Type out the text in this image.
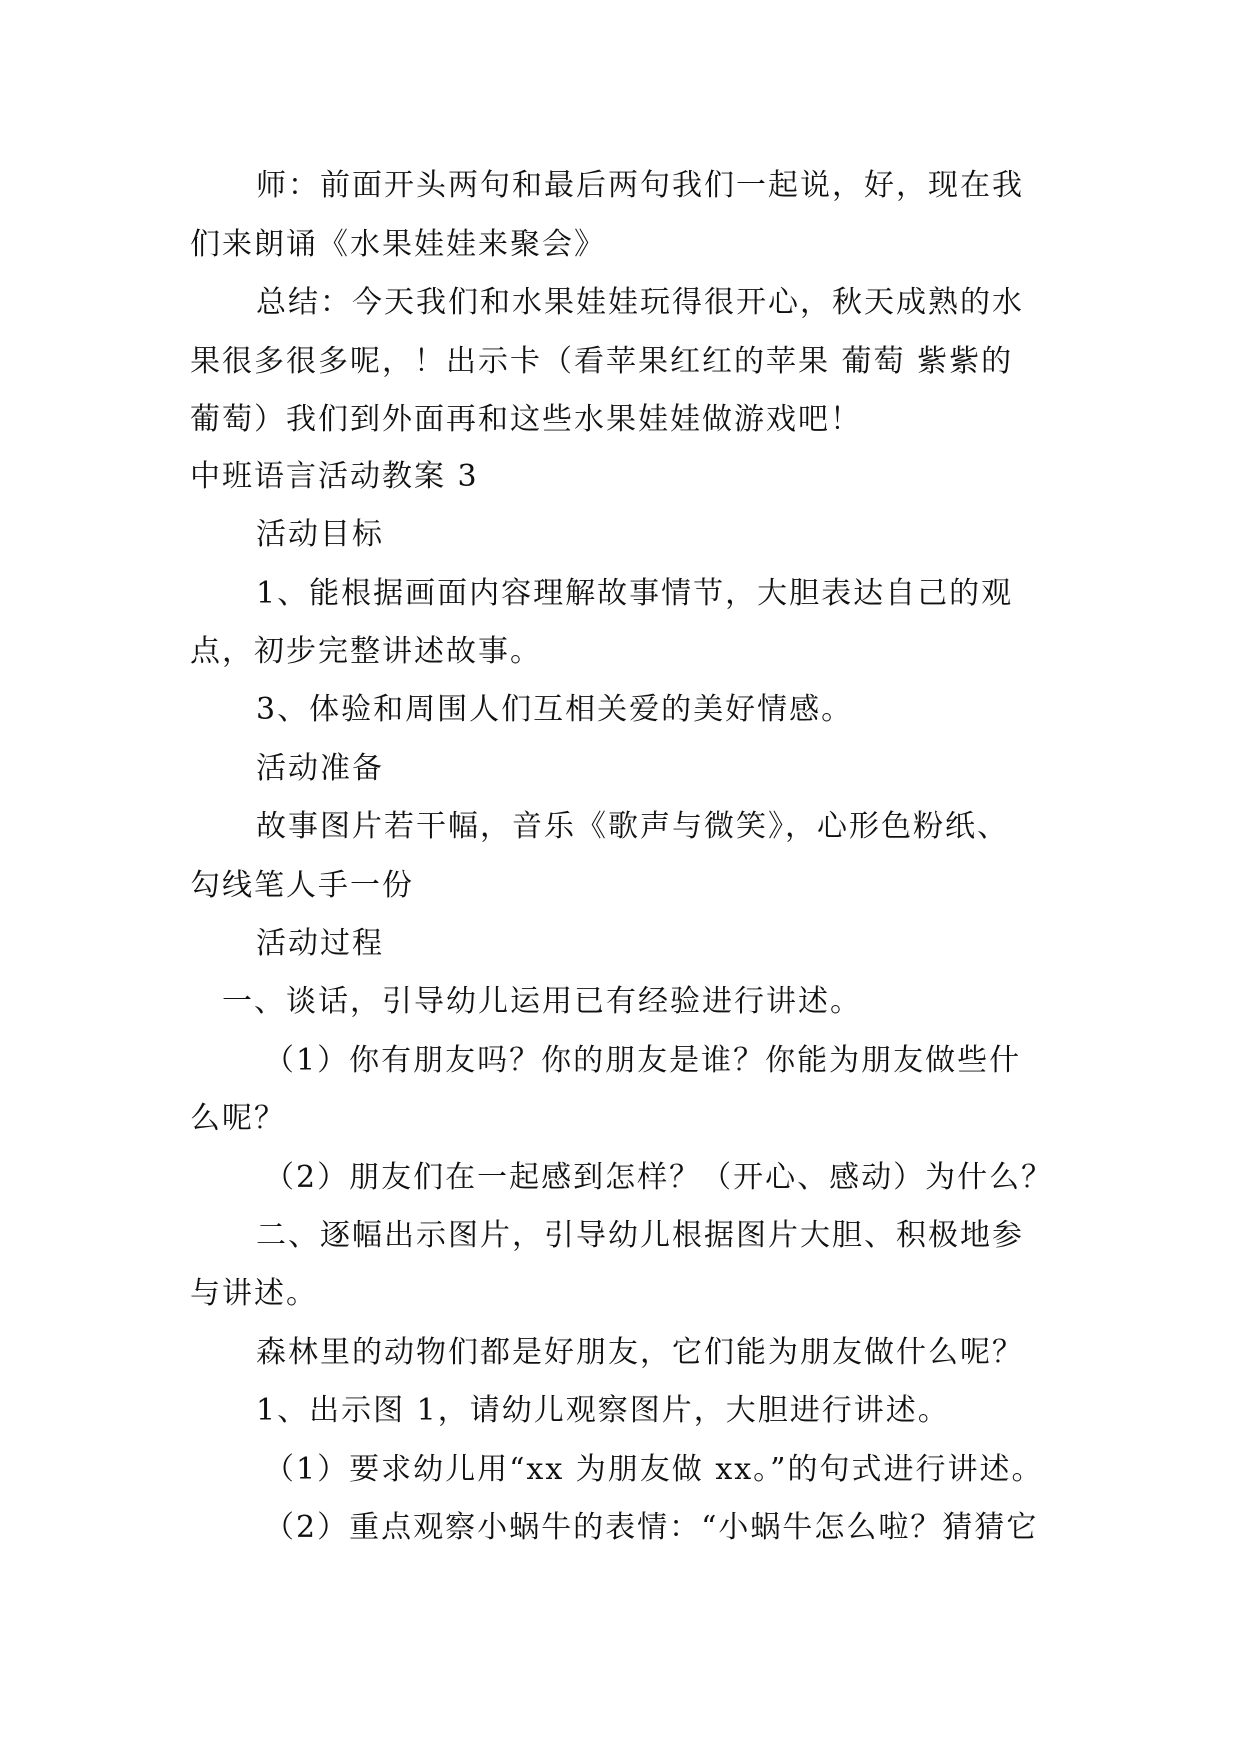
师：前面开头两句和最后两句我们一起说，好，现在我
们来朗诵《水果娃娃来聚会》
总结：今天我们和水果娃娃玩得很开心，秋天成熟的水
果很多很多呢，！出示卡（看苹果红红的苹果 葡萄 紫紫的
葡萄）我们到外面再和这些水果娃娃做游戏吧！
中班语言活动教案 3
活动目标
1、能根据画面内容理解故事情节，大胆表达自己的观
点，初步完整讲述故事。
3、体验和周围人们互相关爱的美好情感。
活动准备
故事图片若干幅，音乐《歌声与微笑》，心形色粉纸、
勾线笔人手一份
活动过程
一、谈话，引导幼儿运用已有经验进行讲述。
（1）你有朋友吗？你的朋友是谁？你能为朋友做些什
么呢？
（2）朋友们在一起感到怎样？（开心、感动）为什么？
二、逐幅出示图片，引导幼儿根据图片大胆、积极地参
与讲述。
森林里的动物们都是好朋友，它们能为朋友做什么呢？
1、出示图 1，请幼儿观察图片，大胆进行讲述。
（1）要求幼儿用“xx 为朋友做 xx。”的句式进行讲述。
（2）重点观察小蜗牛的表情：“小蜗牛怎么啦？猜猜它
